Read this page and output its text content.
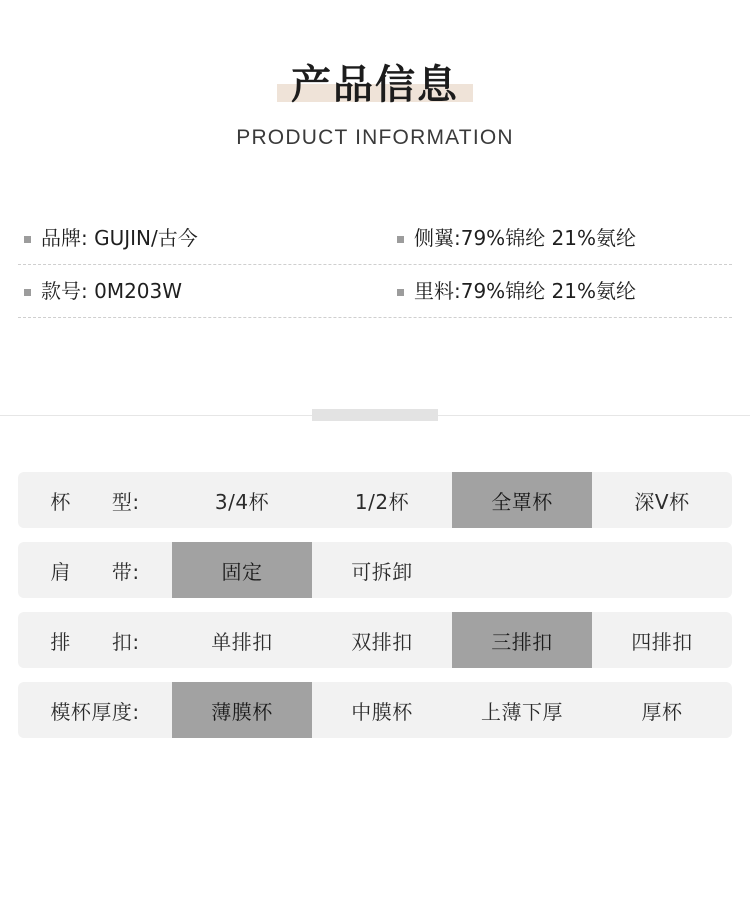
产品信息
PRODUCT INFORMATION
品牌: GUJIN/古今	侧翼:79%锦纶 21%氨纶
款号: 0M203W	里料:79%锦纶 21%氨纶
杯　　型:	3/4杯	1/2杯	全罩杯	深V杯
肩　　带:	固定	可拆卸
排　　扣:	单排扣	双排扣	三排扣	四排扣
模杯厚度:	薄膜杯	中膜杯	上薄下厚	厚杯
